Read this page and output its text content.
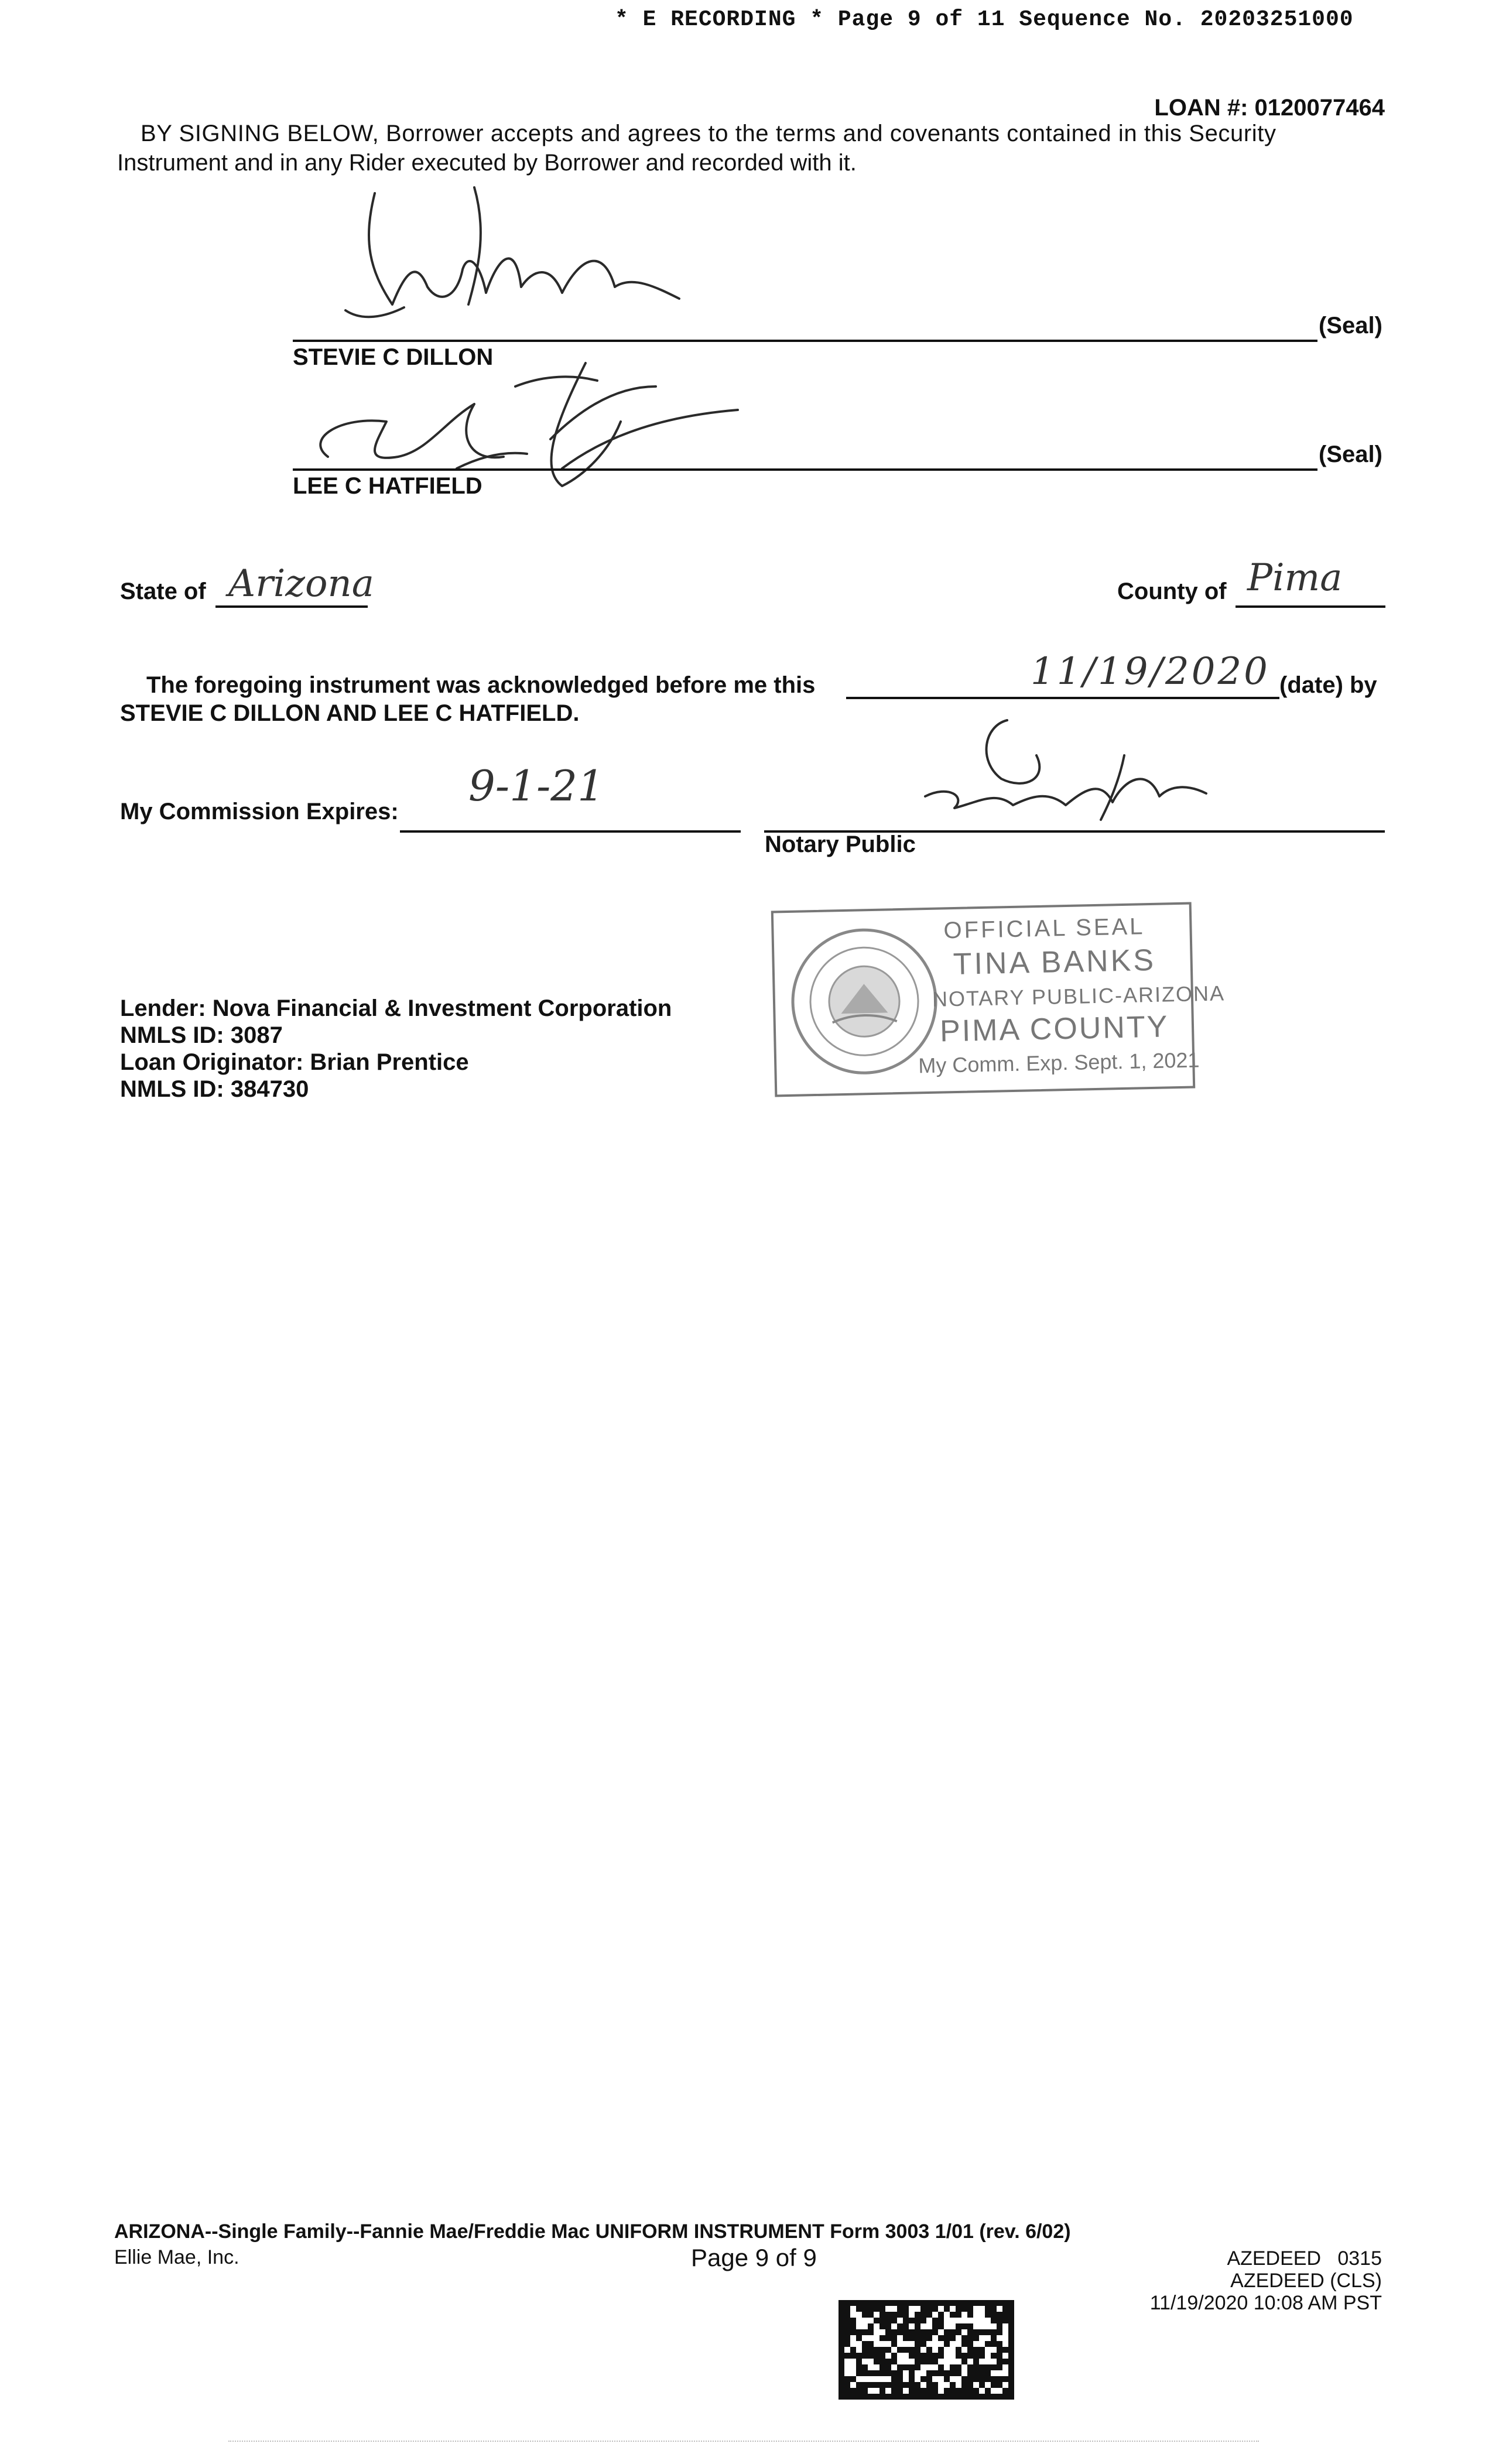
* E RECORDING * Page 9 of 11 Sequence No. 20203251000
LOAN #: 0120077464
BY SIGNING BELOW, Borrower accepts and agrees to the terms and covenants contained in this Security
Instrument and in any Rider executed by Borrower and recorded with it.
(Seal)
STEVIE C DILLON
(Seal)
LEE C HATFIELD
State of Arizona	County of Pima
The foregoing instrument was acknowledged before me this	11/19/2020 (date) by
STEVIE C DILLON AND LEE C HATFIELD.
My Commission Expires:
9-1-21
Notary Public
OFFICIAL SEAL
TINA BANKS
NOTARY PUBLIC-ARIZONA
PIMA COUNTY
My Comm. Exp. Sept. 1, 2021
Lender: Nova Financial & Investment Corporation
NMLS ID: 3087
Loan Originator: Brian Prentice
NMLS ID: 384730
ARIZONA--Single Family--Fannie Mae/Freddie Mac UNIFORM INSTRUMENT Form 3003 1/01 (rev. 6/02)
Ellie Mae, Inc.	Page 9 of 9	AZEDEED   0315
AZEDEED (CLS)
11/19/2020 10:08 AM PST
